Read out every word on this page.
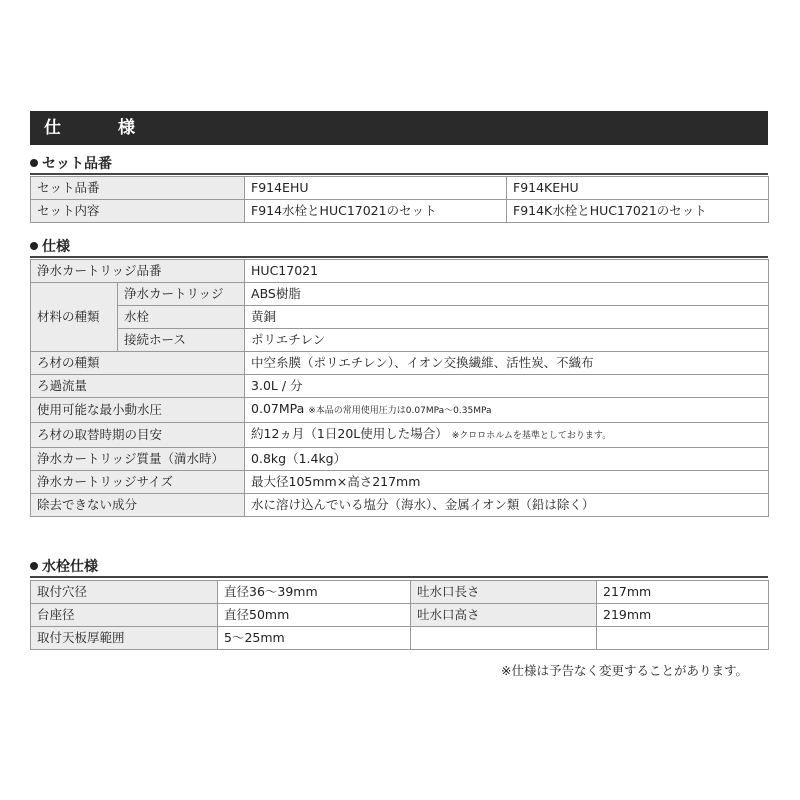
仕　様
セット品番
セット品番	F914EHU	F914KEHU
セット内容	F914水栓とHUC17021のセット	F914K水栓とHUC17021のセット
仕様
浄水カートリッジ品番		HUC17021
材料の種類	浄水カートリッジ	ABS樹脂
	水栓	黄銅
	接続ホース	ポリエチレン
ろ材の種類		中空糸膜（ポリエチレン）、イオン交換繊維、活性炭、不織布
ろ過流量		3.0L / 分
使用可能な最小動水圧		0.07MPa ※本品の常用使用圧力は0.07MPa〜0.35MPa
ろ材の取替時期の目安		約12ヵ月（1日20L使用した場合） ※クロロホルムを基準としております。
浄水カートリッジ質量（満水時）		0.8kg（1.4kg）
浄水カートリッジサイズ		最大径105mm×高さ217mm
除去できない成分		水に溶け込んでいる塩分（海水）、金属イオン類（鉛は除く）
水栓仕様
取付穴径	直径36〜39mm	吐水口長さ	217mm
台座径	直径50mm	吐水口高さ	219mm
取付天板厚範囲	5〜25mm		
※仕様は予告なく変更することがあります。
